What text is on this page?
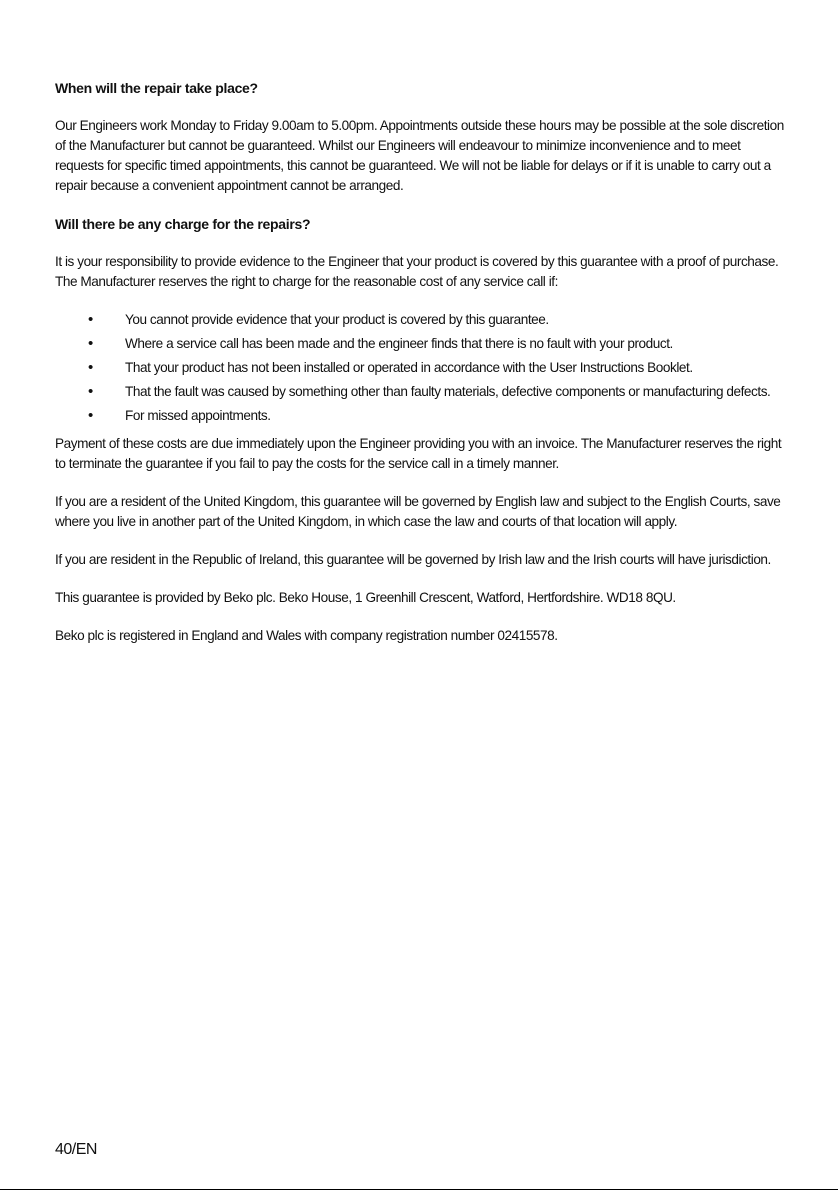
When will the repair take place?

Our Engineers work Monday to Friday 9.00am to 5.00pm. Appointments outside these hours may be possible at the sole discretion of the Manufacturer but cannot be guaranteed. Whilst our Engineers will endeavour to minimize inconvenience and to meet requests for specific timed appointments, this cannot be guaranteed. We will not be liable for delays or if it is unable to carry out a repair because a convenient appointment cannot be arranged.

Will there be any charge for the repairs?

It is your responsibility to provide evidence to the Engineer that your product is covered by this guarantee with a proof of purchase. The Manufacturer reserves the right to charge for the reasonable cost of any service call if:

• You cannot provide evidence that your product is covered by this guarantee.
• Where a service call has been made and the engineer finds that there is no fault with your product.
• That your product has not been installed or operated in accordance with the User Instructions Booklet.
• That the fault was caused by something other than faulty materials, defective components or manufacturing defects.
• For missed appointments.

Payment of these costs are due immediately upon the Engineer providing you with an invoice. The Manufacturer reserves the right to terminate the guarantee if you fail to pay the costs for the service call in a timely manner.

If you are a resident of the United Kingdom, this guarantee will be governed by English law and subject to the English Courts, save where you live in another part of the United Kingdom, in which case the law and courts of that location will apply.

If you are resident in the Republic of Ireland, this guarantee will be governed by Irish law and the Irish courts will have jurisdiction.

This guarantee is provided by Beko plc. Beko House, 1 Greenhill Crescent, Watford, Hertfordshire. WD18 8QU.

Beko plc is registered in England and Wales with company registration number 02415578.

40/EN
